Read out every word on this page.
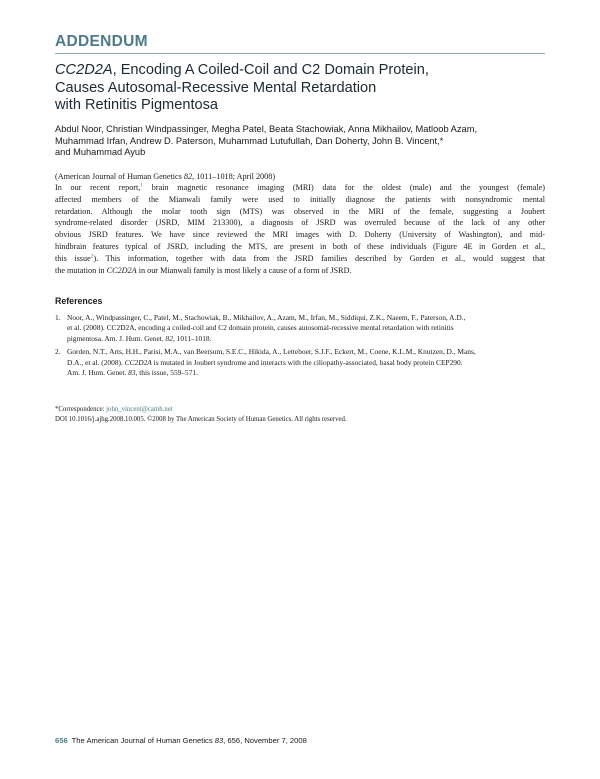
ADDENDUM
CC2D2A, Encoding A Coiled-Coil and C2 Domain Protein,
Causes Autosomal-Recessive Mental Retardation
with Retinitis Pigmentosa
Abdul Noor, Christian Windpassinger, Megha Patel, Beata Stachowiak, Anna Mikhailov, Matloob Azam,
Muhammad Irfan, Andrew D. Paterson, Muhammad Lutufullah, Dan Doherty, John B. Vincent,*
and Muhammad Ayub
(American Journal of Human Genetics 82, 1011–1018; April 2008)
In our recent report,$^1$ brain magnetic resonance imaging (MRI) data for the oldest (male) and the youngest (female)
affected members of the Mianwali family were used to initially diagnose the patients with nonsyndromic mental
retardation. Although the molar tooth sign (MTS) was observed in the MRI of the female, suggesting a Joubert
syndrome-related disorder (JSRD, MIM 213300), a diagnosis of JSRD was overruled because of the lack of any other
obvious JSRD features. We have since reviewed the MRI images with D. Doherty (University of Washington), and mid-
hindbrain features typical of JSRD, including the MTS, are present in both of these individuals (Figure 4E in Gorden et al.,
this issue$^2$). This information, together with data from the JSRD families described by Gorden et al., would suggest that
the mutation in CC2D2A in our Mianwali family is most likely a cause of a form of JSRD.
References
1. Noor, A., Windpassinger, C., Patel, M., Stachowiak, B., Mikhailov, A., Azam, M., Irfan, M., Siddiqui, Z.K., Naeem, F., Paterson, A.D.,
et al. (2008). CC2D2A, encoding a coiled-coil and C2 domain protein, causes autosomal-recessive mental retardation with retinitis
pigmentosa. Am. J. Hum. Genet. 82, 1011–1018.
2. Gorden, N.T., Arts, H.H., Parisi, M.A., van Beersum, S.E.C., Hikida, A., Letteboer, S.J.F., Eckert, M., Coene, K.L.M., Knutzen, D., Mans,
D.A., et al. (2008). CC2D2A is mutated in Joubert syndrome and interacts with the ciliopathy-associated, basal body protein CEP290.
Am. J. Hum. Genet. 83, this issue, 559–571.
*Correspondence: john_vincent@camh.net
DOI 10.1016/j.ajhg.2008.10.005. ©2008 by The American Society of Human Genetics. All rights reserved.
656 The American Journal of Human Genetics 83, 656, November 7, 2008
